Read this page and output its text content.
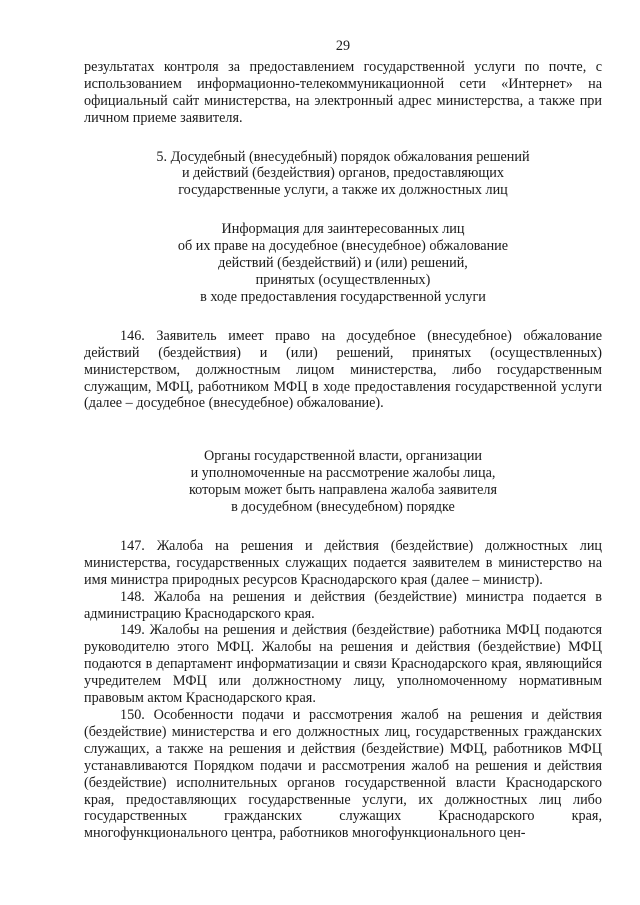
29

результатах контроля за предоставлением государственной услуги по почте, с использованием информационно-телекоммуникационной сети «Интернет» на официальный сайт министерства, на электронный адрес министерства, а также при личном приеме заявителя.

5. Досудебный (внесудебный) порядок обжалования решений
и действий (бездействия) органов, предоставляющих
государственные услуги, а также их должностных лиц
Информация для заинтересованных лиц
об их праве на досудебное (внесудебное) обжалование
действий (бездействий) и (или) решений,
принятых (осуществленных)
в ходе предоставления государственной услуги

146. Заявитель имеет право на досудебное (внесудебное) обжалование действий (бездействия) и (или) решений, принятых (осуществленных) министерством, должностным лицом министерства, либо государственным служащим, МФЦ, работником МФЦ в ходе предоставления государственной услуги (далее – досудебное (внесудебное) обжалование).

Органы государственной власти, организации
и уполномоченные на рассмотрение жалобы лица,
которым может быть направлена жалоба заявителя
в досудебном (внесудебном) порядке

147. Жалоба на решения и действия (бездействие) должностных лиц министерства, государственных служащих подается заявителем в министерство на имя министра природных ресурсов Краснодарского края (далее – министр).

148. Жалоба на решения и действия (бездействие) министра подается в администрацию Краснодарского края.

149. Жалобы на решения и действия (бездействие) работника МФЦ подаются руководителю этого МФЦ. Жалобы на решения и действия (бездействие) МФЦ подаются в департамент информатизации и связи Краснодарского края, являющийся учредителем МФЦ или должностному лицу, уполномоченному нормативным правовым актом Краснодарского края.

150. Особенности подачи и рассмотрения жалоб на решения и действия (бездействие) министерства и его должностных лиц, государственных гражданских служащих, а также на решения и действия (бездействие) МФЦ, работников МФЦ устанавливаются Порядком подачи и рассмотрения жалоб на решения и действия (бездействие) исполнительных органов государственной власти Краснодарского края, предоставляющих государственные услуги, их должностных лиц либо государственных гражданских служащих Краснодарского края, многофункционального центра, работников многофункционального цен-
